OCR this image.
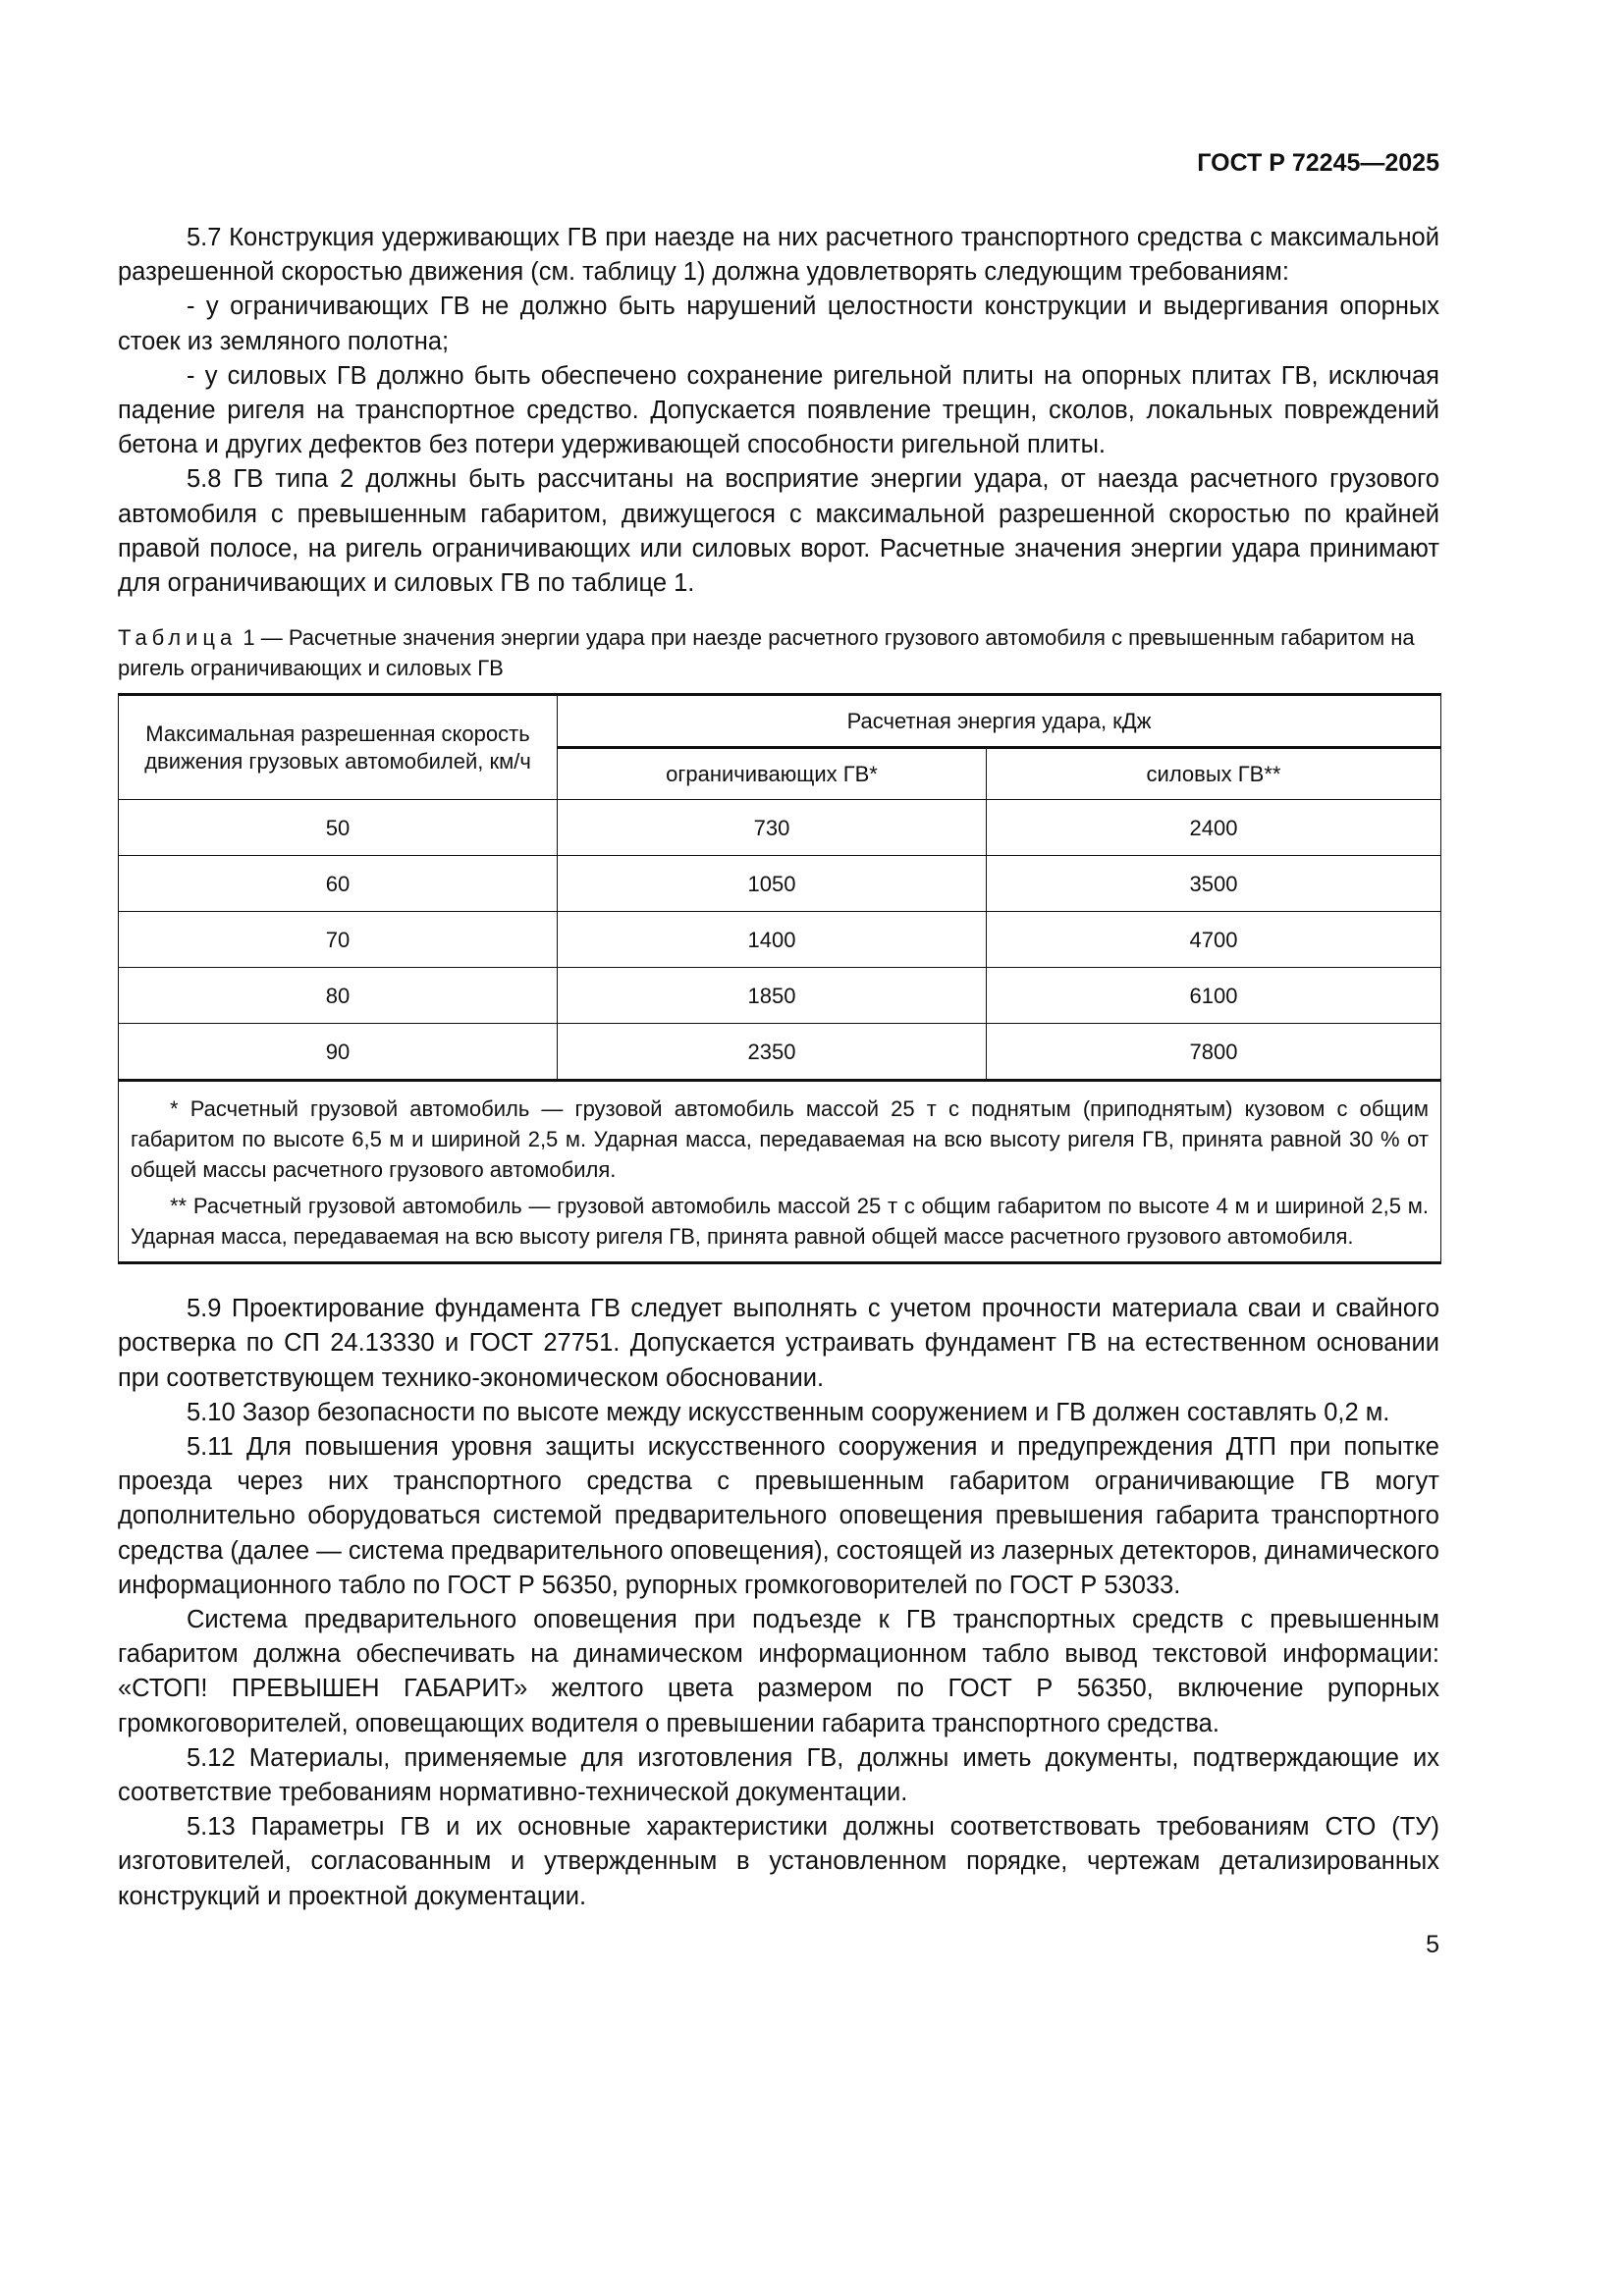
ГОСТ Р 72245—2025

5.7 Конструкция удерживающих ГВ при наезде на них расчетного транспортного средства с максимальной разрешенной скоростью движения (см. таблицу 1) должна удовлетворять следующим требованиям:

- у ограничивающих ГВ не должно быть нарушений целостности конструкции и выдергивания опорных стоек из земляного полотна;

- у силовых ГВ должно быть обеспечено сохранение ригельной плиты на опорных плитах ГВ, исключая падение ригеля на транспортное средство. Допускается появление трещин, сколов, локальных повреждений бетона и других дефектов без потери удерживающей способности ригельной плиты.

5.8 ГВ типа 2 должны быть рассчитаны на восприятие энергии удара, от наезда расчетного грузового автомобиля с превышенным габаритом, движущегося с максимальной разрешенной скоростью по крайней правой полосе, на ригель ограничивающих или силовых ворот. Расчетные значения энергии удара принимают для ограничивающих и силовых ГВ по таблице 1.

Таблица 1 — Расчетные значения энергии удара при наезде расчетного грузового автомобиля с превышенным габаритом на ригель ограничивающих и силовых ГВ

Максимальная разрешенная скорость движения грузовых автомобилей, км/ч	Расчетная энергия удара, кДж	
	ограничивающих ГВ*	силовых ГВ**
50	730	2400
60	1050	3500
70	1400	4700
80	1850	6100
90	2350	7800

* Расчетный грузовой автомобиль — грузовой автомобиль массой 25 т с поднятым (приподнятым) кузовом с общим габаритом по высоте 6,5 м и шириной 2,5 м. Ударная масса, передаваемая на всю высоту ригеля ГВ, принята равной 30 % от общей массы расчетного грузового автомобиля.

** Расчетный грузовой автомобиль — грузовой автомобиль массой 25 т с общим габаритом по высоте 4 м и шириной 2,5 м. Ударная масса, передаваемая на всю высоту ригеля ГВ, принята равной общей массе расчетного грузового автомобиля.		

5.9 Проектирование фундамента ГВ следует выполнять с учетом прочности материала сваи и свайного ростверка по СП 24.13330 и ГОСТ 27751. Допускается устраивать фундамент ГВ на естественном основании при соответствующем технико-экономическом обосновании.

5.10 Зазор безопасности по высоте между искусственным сооружением и ГВ должен составлять 0,2 м.

5.11 Для повышения уровня защиты искусственного сооружения и предупреждения ДТП при попытке проезда через них транспортного средства с превышенным габаритом ограничивающие ГВ могут дополнительно оборудоваться системой предварительного оповещения превышения габарита транспортного средства (далее — система предварительного оповещения), состоящей из лазерных детекторов, динамического информационного табло по ГОСТ Р 56350, рупорных громкоговорителей по ГОСТ Р 53033.

Система предварительного оповещения при подъезде к ГВ транспортных средств с превышенным габаритом должна обеспечивать на динамическом информационном табло вывод текстовой информации: «СТОП! ПРЕВЫШЕН ГАБАРИТ» желтого цвета размером по ГОСТ Р 56350, включение рупорных громкоговорителей, оповещающих водителя о превышении габарита транспортного средства.

5.12 Материалы, применяемые для изготовления ГВ, должны иметь документы, подтверждающие их соответствие требованиям нормативно-технической документации.

5.13 Параметры ГВ и их основные характеристики должны соответствовать требованиям СТО (ТУ) изготовителей, согласованным и утвержденным в установленном порядке, чертежам детализированных конструкций и проектной документации.

5
